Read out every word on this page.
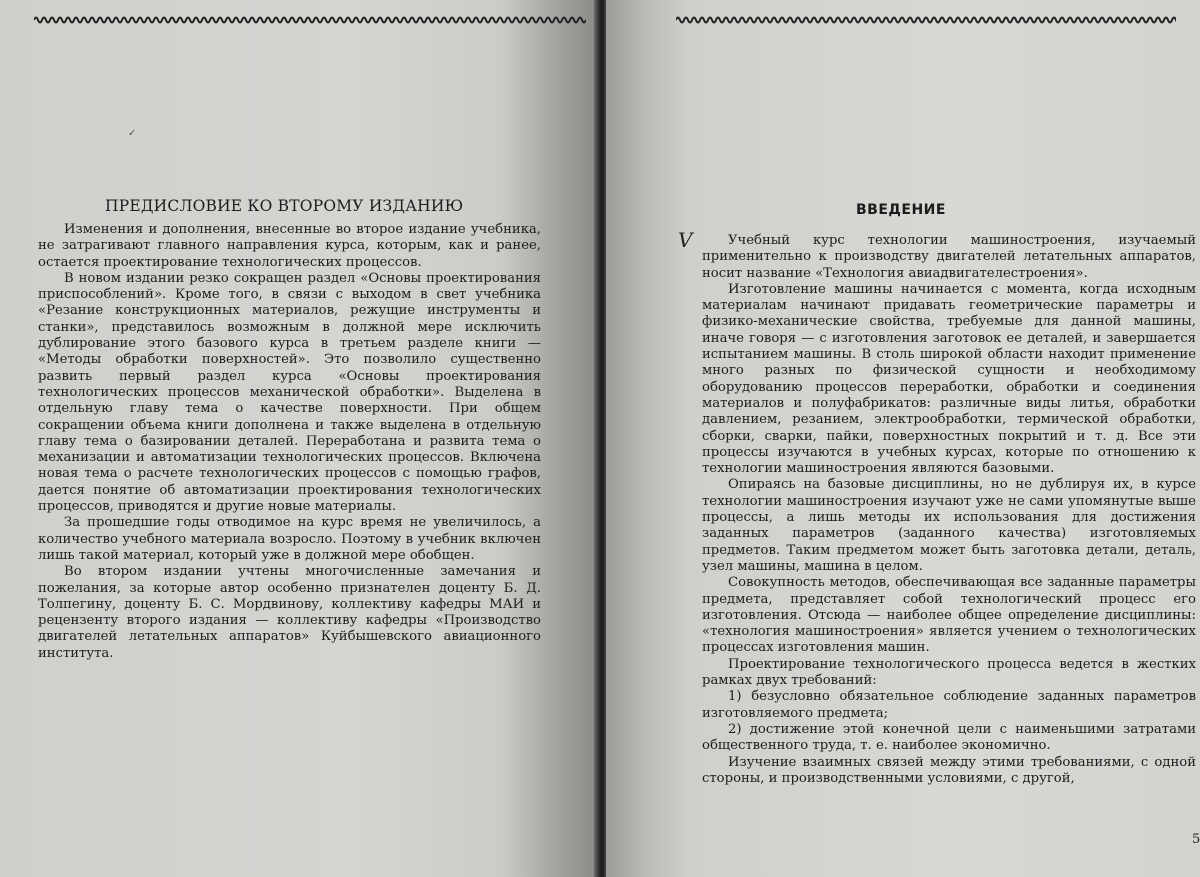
✓
ПРЕДИСЛОВИЕ КО ВТОРОМУ ИЗДАНИЮ

Изменения и дополнения, внесенные во второе издание учебника, не затрагивают главного направления курса, которым, как и ранее, остается проектирование технологических процессов.

В новом издании резко сокращен раздел «Основы проектирования приспособлений». Кроме того, в связи с выходом в свет учебника «Резание конструкционных материалов, режущие инструменты и станки», представилось возможным в должной мере исключить дублирование этого базового курса в третьем разделе книги — «Методы обработки поверхностей». Это позволило существенно развить первый раздел курса «Основы проектирования технологических процессов механической обработки». Выделена в отдельную главу тема о качестве поверхности. При общем сокращении объема книги дополнена и также выделена в отдельную главу тема о базировании деталей. Переработана и развита тема о механизации и автоматизации технологических процессов. Включена новая тема о расчете технологических процессов с помощью графов, дается понятие об автоматизации проектирования технологических процессов, приводятся и другие новые материалы.

За прошедшие годы отводимое на курс время не увеличилось, а количество учебного материала возросло. Поэтому в учебник включен лишь такой материал, который уже в должной мере обобщен.

Во втором издании учтены многочисленные замечания и пожелания, за которые автор особенно признателен доценту Б. Д. Толпегину, доценту Б. С. Мордвинову, коллективу кафедры МАИ и рецензенту второго издания — коллективу кафедры «Производство двигателей летательных аппаратов» Куйбышевского авиационного института.

ВВЕДЕНИЕ
V	Учебный курс технологии машиностроения, изучаемый применительно к производству двигателей летательных аппаратов, носит название «Технология авиадвигателестроения».

Изготовление машины начинается с момента, когда исходным материалам начинают придавать геометрические параметры и физико-механические свойства, требуемые для данной машины, иначе говоря — с изготовления заготовок ее деталей, и завершается испытанием машины. В столь широкой области находит применение много разных по физической сущности и необходимому оборудованию процессов переработки, обработки и соединения материалов и полуфабрикатов: различные виды литья, обработки давлением, резанием, электрообработки, термической обработки, сборки, сварки, пайки, поверхностных покрытий и т. д. Все эти процессы изучаются в учебных курсах, которые по отношению к технологии машиностроения являются базовыми.

Опираясь на базовые дисциплины, но не дублируя их, в курсе технологии машиностроения изучают уже не сами упомянутые выше процессы, а лишь методы их использования для достижения заданных параметров (заданного качества) изготовляемых предметов. Таким предметом может быть заготовка детали, деталь, узел машины, машина в целом.

Совокупность методов, обеспечивающая все заданные параметры предмета, представляет собой технологический процесс его изготовления. Отсюда — наиболее общее определение дисциплины: «технология машиностроения» является учением о технологических процессах изготовления машин.

Проектирование технологического процесса ведется в жестких рамках двух требований:

1) безусловно обязательное соблюдение заданных параметров изготовляемого предмета;

2) достижение этой конечной цели с наименьшими затратами общественного труда, т. е. наиболее экономично.

Изучение взаимных связей между этими требованиями, с одной стороны, и производственными условиями, с другой,

5
